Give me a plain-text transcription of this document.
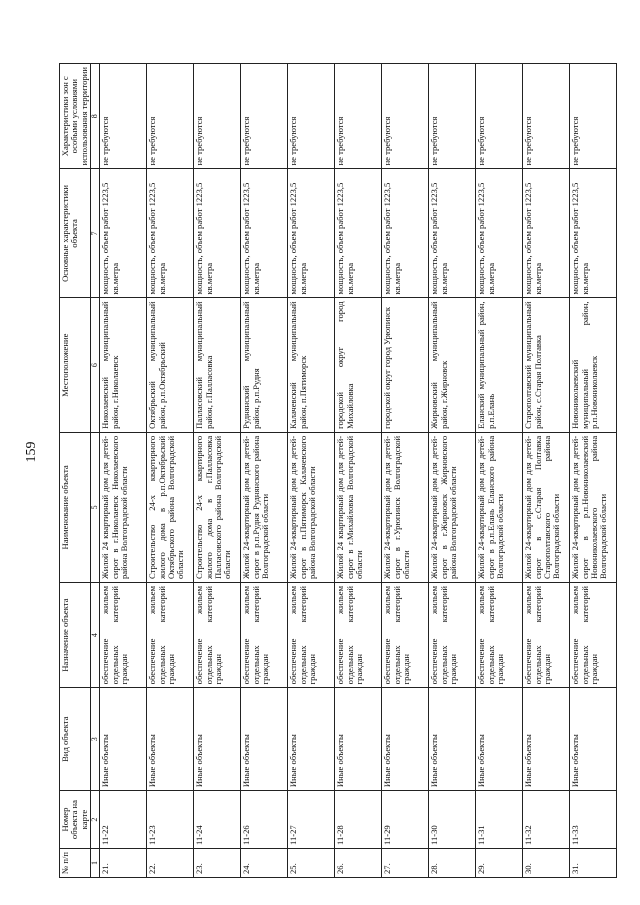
159
№ п/п	Номер объекта на карте	Вид объекта	Назначение объекта	Наименование объекта	Местоположение	Основные характеристики объекта	Характеристики зон с особыми условиями использования территории
1	2	3	4	5	6	7	8
21.	11-22	Иные объекты	обеспечение жильем отдельных категорий граждан	Жилой 24 квартирный дом для детей-сирот в г.Николаевск Николаевского района Волгоградской области	Николаевский муниципальный район, г.Николаевск	мощность, объем работ 1223,5 кв.метра	не требуются
22.	11-23	Иные объекты	обеспечение жильем отдельных категорий граждан	Строительство 24-х квартирного жилого дома в р.п.Октябрьский Октябрьского района Волгоградской области	Октябрьский муниципальный район, р.п.Октябрьский	мощность, объем работ 1223,5 кв.метра	не требуются
23.	11-24	Иные объекты	обеспечение жильем отдельных категорий граждан	Строительство 24-х квартирного жилого дома в г.Палласовка Палласовского района Волгоградской области	Палласовский муниципальный район, г.Палласовка	мощность, объем работ 1223,5 кв.метра	не требуются
24.	11-26	Иные объекты	обеспечение жильем отдельных категорий граждан	Жилой 24-квартирный дом для детей-сирот в р.п.Рудня Руднянского района Волгоградской области	Руднянский муниципальный район, р.п.Рудня	мощность, объем работ 1223,5 кв.метра	не требуются
25.	11-27	Иные объекты	обеспечение жильем отдельных категорий граждан	Жилой 24-квартирный дом для детей-сирот в п.Пятиморск Калачевского района Волгоградской области	Калачевский муниципальный район, п.Пятиморск	мощность, объем работ 1223,5 кв.метра	не требуются
26.	11-28	Иные объекты	обеспечение жильем отдельных категорий граждан	Жилой 24 квартирный дом для детей-сирот в г.Михайловка Волгоградской области	городской округ город Михайловка	мощность, объем работ 1223,5 кв.метра	не требуются
27.	11-29	Иные объекты	обеспечение жильем отдельных категорий граждан	Жилой 24-квартирный дом для детей-сирот в г.Урюпинск Волгоградской области	городской округ город Урюпинск	мощность, объем работ 1223,5 кв.метра	не требуются
28.	11-30	Иные объекты	обеспечение жильем отдельных категорий граждан	Жилой 24-квартирный дом для детей-сирот в г.Жирновск Жирновского района Волгоградской области	Жирновский муниципальный район, г.Жирновск	мощность, объем работ 1223,5 кв.метра	не требуются
29.	11-31	Иные объекты	обеспечение жильем отдельных категорий граждан	Жилой 24-квартирный дом для детей-сирот в р.п.Елань Еланского района Волгоградской области	Еланский муниципальный район, р.п.Елань	мощность, объем работ 1223,5 кв.метра	не требуются
30.	11-32	Иные объекты	обеспечение жильем отдельных категорий граждан	Жилой 24-квартирный дом для детей-сирот в с.Старая Полтавка Старополтавского района Волгоградской области	Старополтавский муниципальный район, с.Старая Полтавка	мощность, объем работ 1223,5 кв.метра	не требуются
31.	11-33	Иные объекты	обеспечение жильем отдельных категорий граждан	Жилой 24-квартирный дом для детей-сирот в р.п.Новониколаевский Новониколаевского района Волгоградской области	Новониколаевский муниципальный район, р.п.Новониколаевск	мощность, объем работ 1223,5 кв.метра	не требуются
